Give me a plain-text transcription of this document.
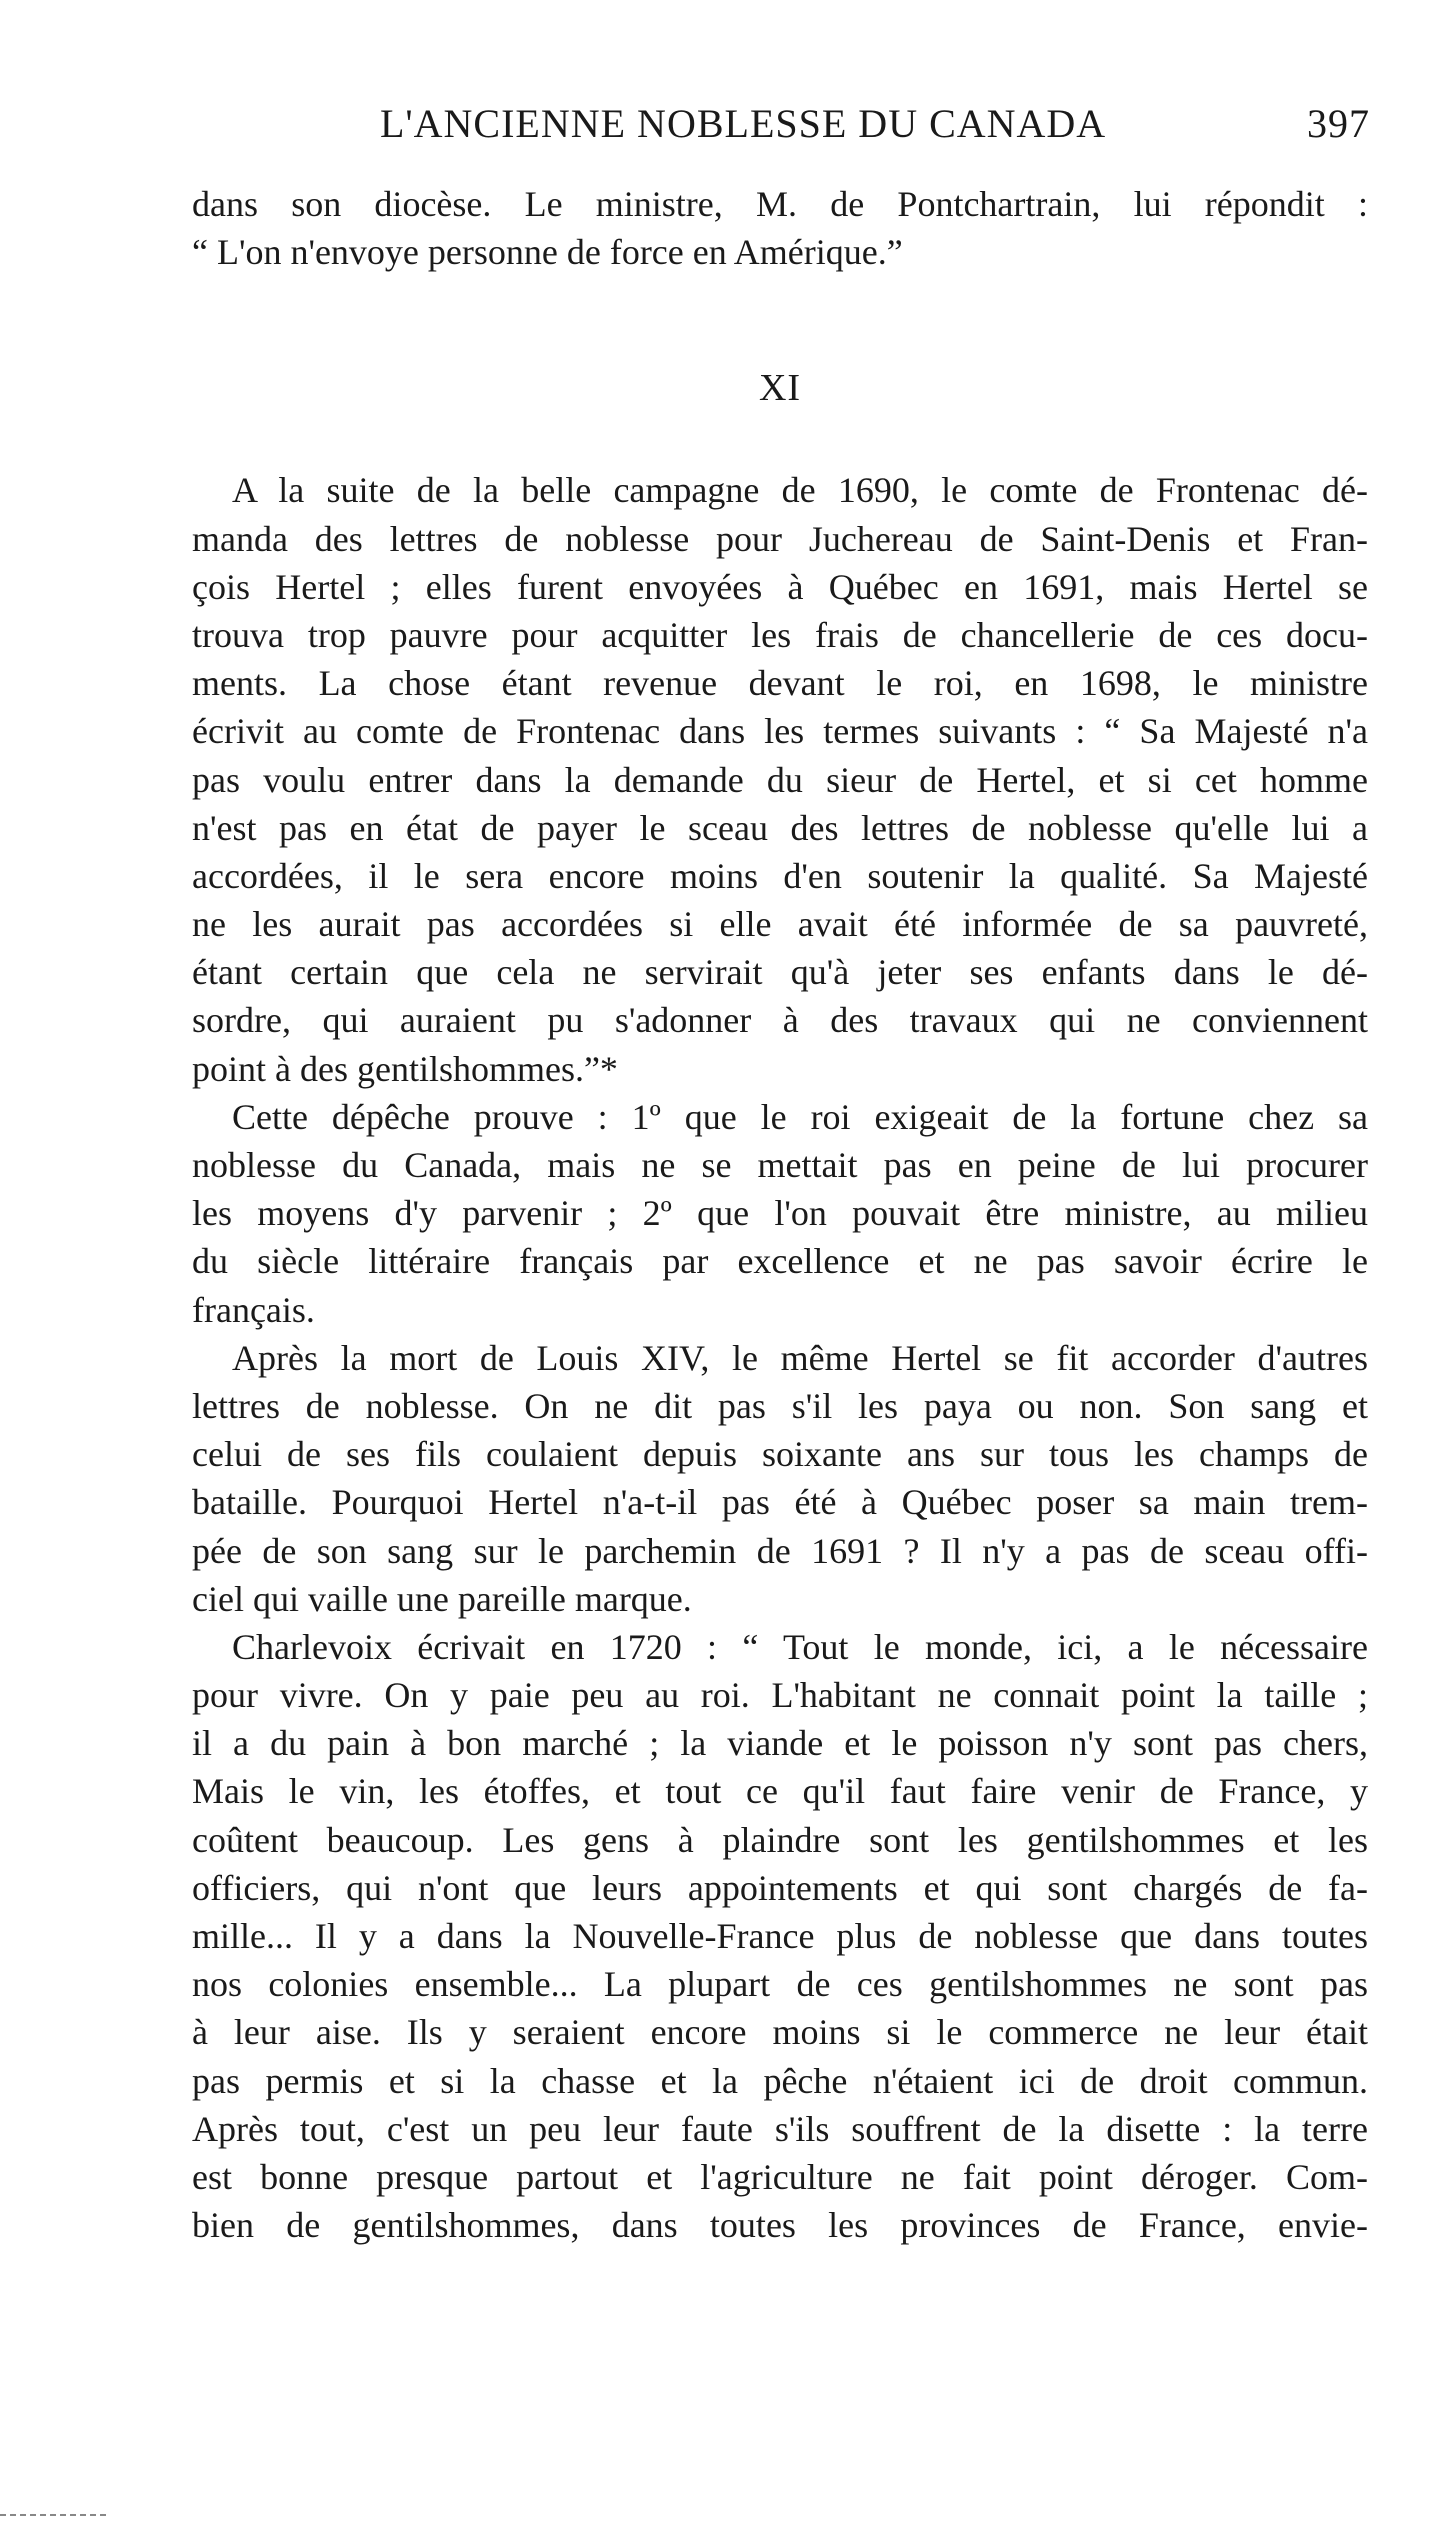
L'ANCIENNE NOBLESSE DU CANADA	397
dans son diocèse. Le ministre, M. de Pontchartrain, lui répondit :
“ L'on n'envoye personne de force en Amérique.”
XI
A la suite de la belle campagne de 1690, le comte de Frontenac dé-
manda des lettres de noblesse pour Juchereau de Saint-Denis et Fran-
çois Hertel ; elles furent envoyées à Québec en 1691, mais Hertel se
trouva trop pauvre pour acquitter les frais de chancellerie de ces docu-
ments. La chose étant revenue devant le roi, en 1698, le ministre
écrivit au comte de Frontenac dans les termes suivants : “ Sa Majesté n'a
pas voulu entrer dans la demande du sieur de Hertel, et si cet homme
n'est pas en état de payer le sceau des lettres de noblesse qu'elle lui a
accordées, il le sera encore moins d'en soutenir la qualité. Sa Majesté
ne les aurait pas accordées si elle avait été informée de sa pauvreté,
étant certain que cela ne servirait qu'à jeter ses enfants dans le dé-
sordre, qui auraient pu s'adonner à des travaux qui ne conviennent
point à des gentilshommes.”*
Cette dépêche prouve : 1º que le roi exigeait de la fortune chez sa
noblesse du Canada, mais ne se mettait pas en peine de lui procurer
les moyens d'y parvenir ; 2º que l'on pouvait être ministre, au milieu
du siècle littéraire français par excellence et ne pas savoir écrire le
français.
Après la mort de Louis XIV, le même Hertel se fit accorder d'autres
lettres de noblesse. On ne dit pas s'il les paya ou non. Son sang et
celui de ses fils coulaient depuis soixante ans sur tous les champs de
bataille. Pourquoi Hertel n'a-t-il pas été à Québec poser sa main trem-
pée de son sang sur le parchemin de 1691 ? Il n'y a pas de sceau offi-
ciel qui vaille une pareille marque.
Charlevoix écrivait en 1720 : “ Tout le monde, ici, a le nécessaire
pour vivre. On y paie peu au roi. L'habitant ne connait point la taille ;
il a du pain à bon marché ; la viande et le poisson n'y sont pas chers,
Mais le vin, les étoffes, et tout ce qu'il faut faire venir de France, y
coûtent beaucoup. Les gens à plaindre sont les gentilshommes et les
officiers, qui n'ont que leurs appointements et qui sont chargés de fa-
mille... Il y a dans la Nouvelle-France plus de noblesse que dans toutes
nos colonies ensemble... La plupart de ces gentilshommes ne sont pas
à leur aise. Ils y seraient encore moins si le commerce ne leur était
pas permis et si la chasse et la pêche n'étaient ici de droit commun.
Après tout, c'est un peu leur faute s'ils souffrent de la disette : la terre
est bonne presque partout et l'agriculture ne fait point déroger. Com-
bien de gentilshommes, dans toutes les provinces de France, envie-
